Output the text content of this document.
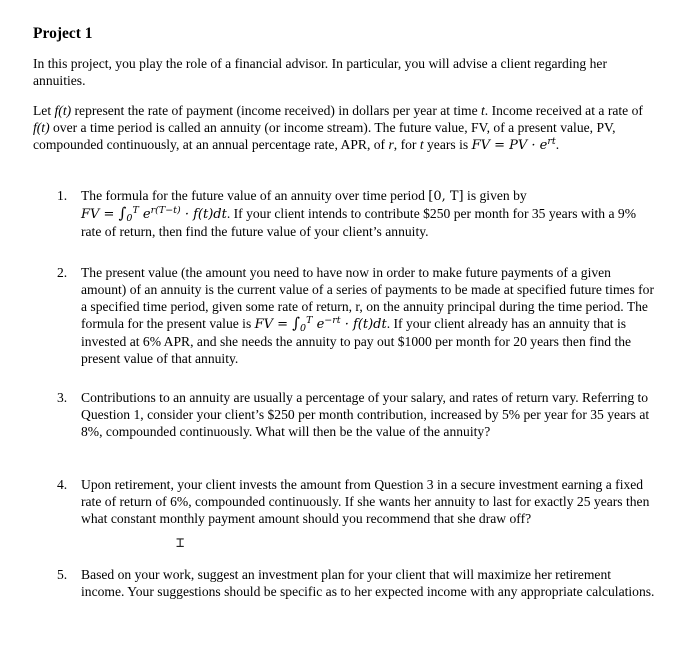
Project 1

In this project, you play the role of a financial advisor. In particular, you will advise a client regarding her annuities.

Let f(t) represent the rate of payment (income received) in dollars per year at time t. Income received at a rate of f(t) over a time period is called an annuity (or income stream). The future value, FV, of a present value, PV, compounded continuously, at an annual percentage rate, APR, of r, for t years is FV = PV · $e^{rt}$.

1. The formula for the future value of an annuity over time period [0, T] is given by
FV = $\int_0^T$ $e^{r(T-t)} \cdot f(t)dt$. If your client intends to contribute $250 per month for 35 years with a 9% rate of return, then find the future value of your client’s annuity.
2. The present value (the amount you need to have now in order to make future payments of a given amount) of an annuity is the current value of a series of payments to be made at specified future times for a specified time period, given some rate of return, r, on the annuity principal during the time period. The formula for the present value is FV = $\int_0^T$ $e^{-rt} \cdot f(t)dt$. If your client already has an annuity that is invested at 6% APR, and she needs the annuity to pay out $1000 per month for 20 years then find the present value of that annuity.
3. Contributions to an annuity are usually a percentage of your salary, and rates of return vary. Referring to Question 1, consider your client’s $250 per month contribution, increased by 5% per year for 35 years at 8%, compounded continuously. What will then be the value of the annuity?
4. Upon retirement, your client invests the amount from Question 3 in a secure investment earning a fixed rate of return of 6%, compounded continuously. If she wants her annuity to last for exactly 25 years then what constant monthly payment amount should you recommend that she draw off?
5. Based on your work, suggest an investment plan for your client that will maximize her retirement income. Your suggestions should be specific as to her expected income with any appropriate calculations.
⌶
